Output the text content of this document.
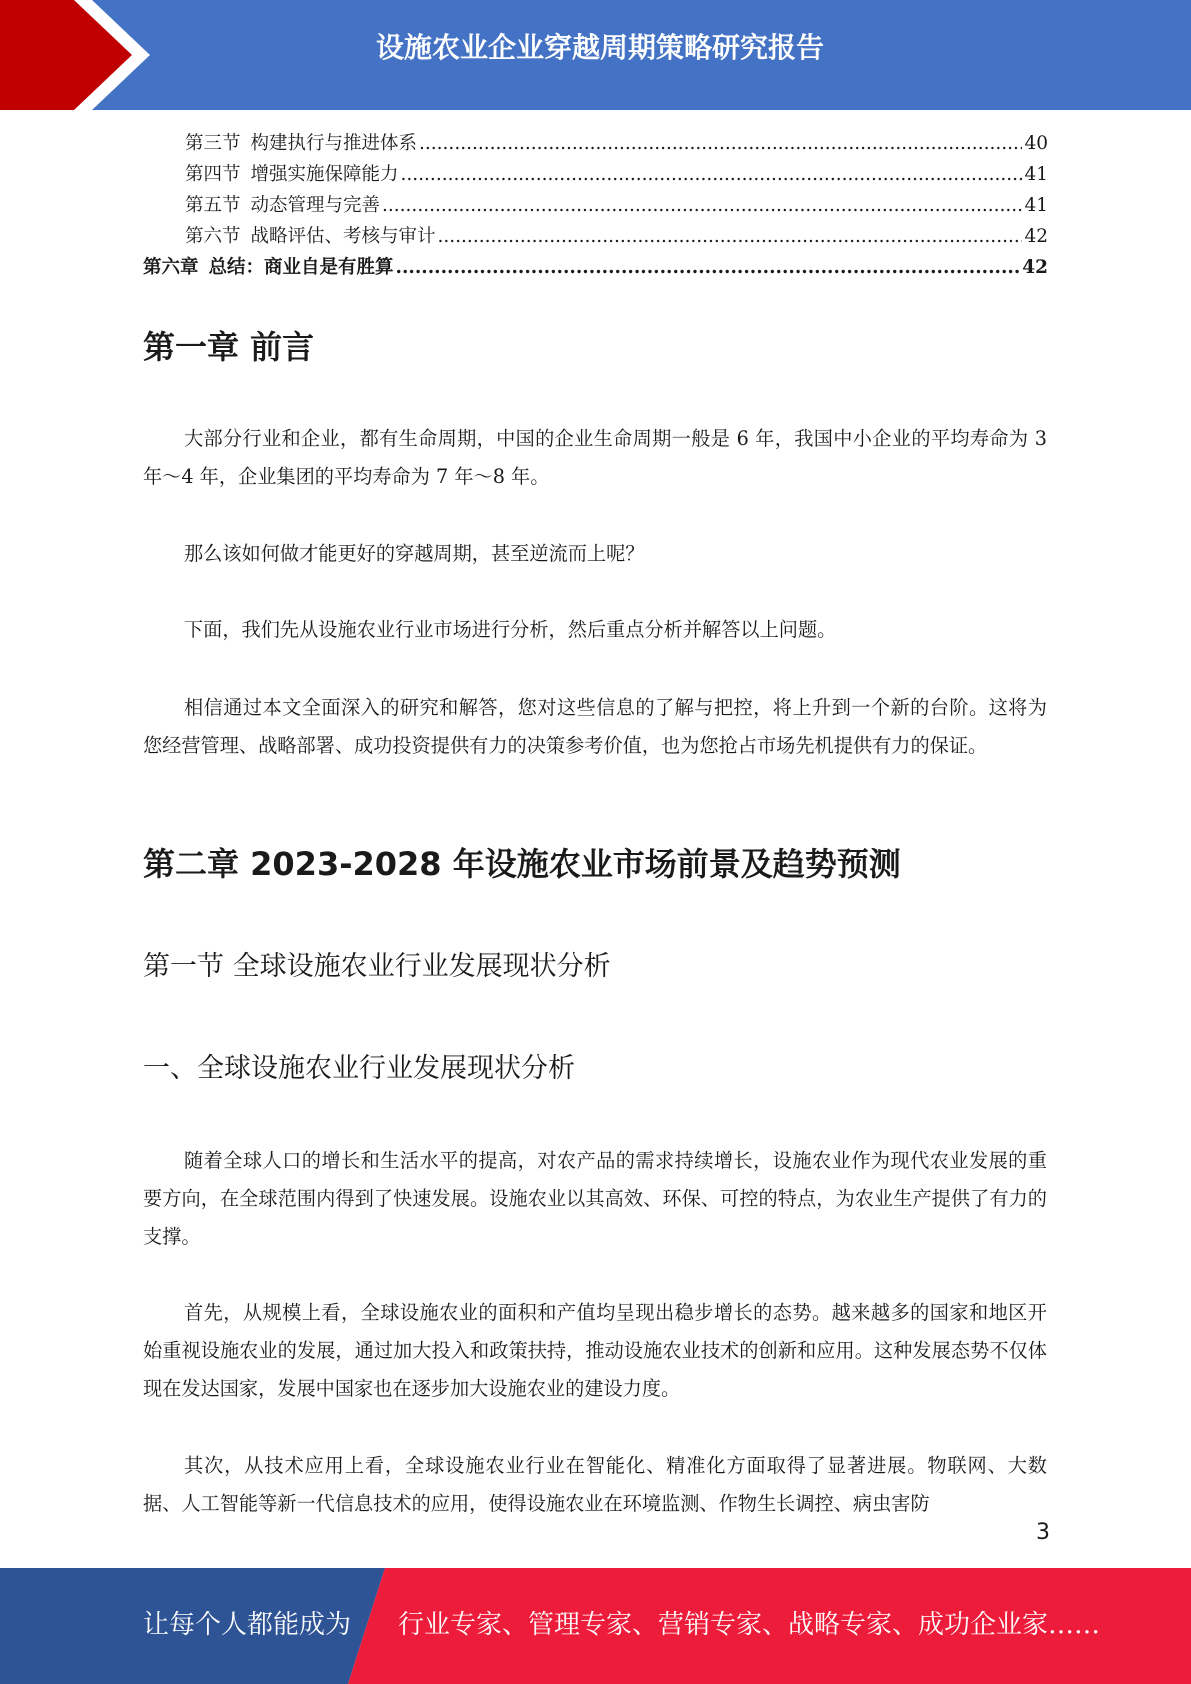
设施农业企业穿越周期策略研究报告
第三节 构建执行与推进体系 .....	40
第四节 增强实施保障能力 .....	41
第五节 动态管理与完善 .....	41
第六节 战略评估、考核与审计 .....	42
第六章 总结：商业自是有胜算 .....	42
第一章 前言

大部分行业和企业，都有生命周期，中国的企业生命周期一般是 6 年，我国中小企业的平均寿命为 3 年～4 年，企业集团的平均寿命为 7 年～8 年。

那么该如何做才能更好的穿越周期，甚至逆流而上呢？

下面，我们先从设施农业行业市场进行分析，然后重点分析并解答以上问题。

相信通过本文全面深入的研究和解答，您对这些信息的了解与把控，将上升到一个新的台阶。这将为您经营管理、战略部署、成功投资提供有力的决策参考价值，也为您抢占市场先机提供有力的保证。

第二章 2023-2028 年设施农业市场前景及趋势预测
第一节 全球设施农业行业发展现状分析
一、全球设施农业行业发展现状分析

随着全球人口的增长和生活水平的提高，对农产品的需求持续增长，设施农业作为现代农业发展的重要方向，在全球范围内得到了快速发展。设施农业以其高效、环保、可控的特点，为农业生产提供了有力的支撑。

首先，从规模上看，全球设施农业的面积和产值均呈现出稳步增长的态势。越来越多的国家和地区开始重视设施农业的发展，通过加大投入和政策扶持，推动设施农业技术的创新和应用。这种发展态势不仅体现在发达国家，发展中国家也在逐步加大设施农业的建设力度。

其次，从技术应用上看，全球设施农业行业在智能化、精准化方面取得了显著进展。物联网、大数据、人工智能等新一代信息技术的应用，使得设施农业在环境监测、作物生长调控、病虫害防

3
让每个人都能成为 行业专家、管理专家、营销专家、战略专家、成功企业家……
